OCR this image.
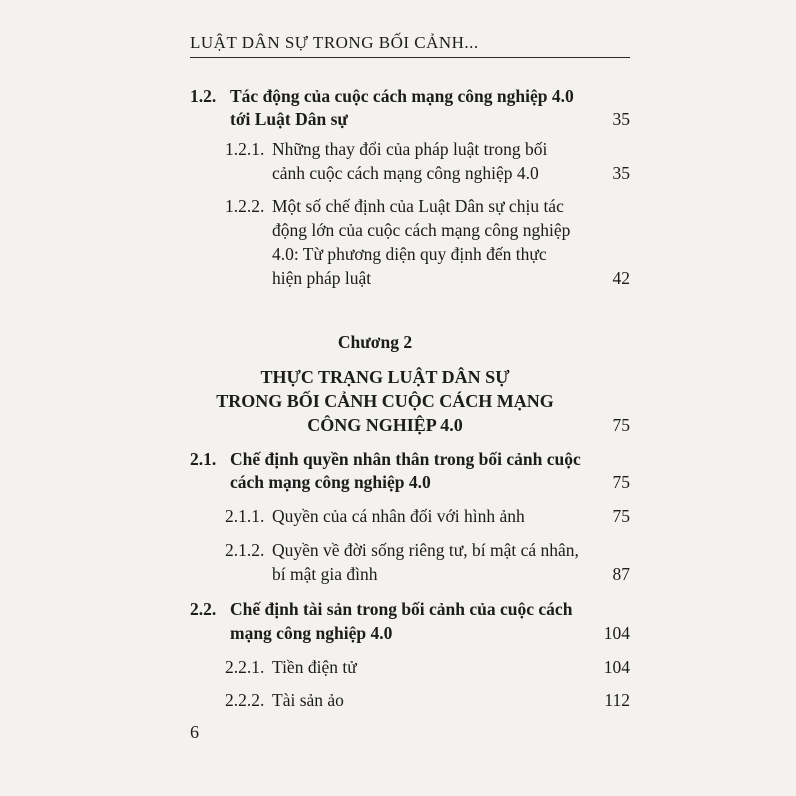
LUẬT DÂN SỰ TRONG BỐI CẢNH...
1.2. Tác động của cuộc cách mạng công nghiệp 4.0
tới Luật Dân sự	35
1.2.1. Những thay đổi của pháp luật trong bối
cảnh cuộc cách mạng công nghiệp 4.0	35
1.2.2. Một số chế định của Luật Dân sự chịu tác
động lớn của cuộc cách mạng công nghiệp
4.0: Từ phương diện quy định đến thực
hiện pháp luật	42
Chương 2
THỰC TRẠNG LUẬT DÂN SỰ
TRONG BỐI CẢNH CUỘC CÁCH MẠNG
CÔNG NGHIỆP 4.0	75
2.1. Chế định quyền nhân thân trong bối cảnh cuộc
cách mạng công nghiệp 4.0	75
2.1.1. Quyền của cá nhân đối với hình ảnh	75
2.1.2. Quyền về đời sống riêng tư, bí mật cá nhân,
bí mật gia đình	87
2.2. Chế định tài sản trong bối cảnh của cuộc cách
mạng công nghiệp 4.0	104
2.2.1. Tiền điện tử	104
2.2.2. Tài sản ảo	112
6
